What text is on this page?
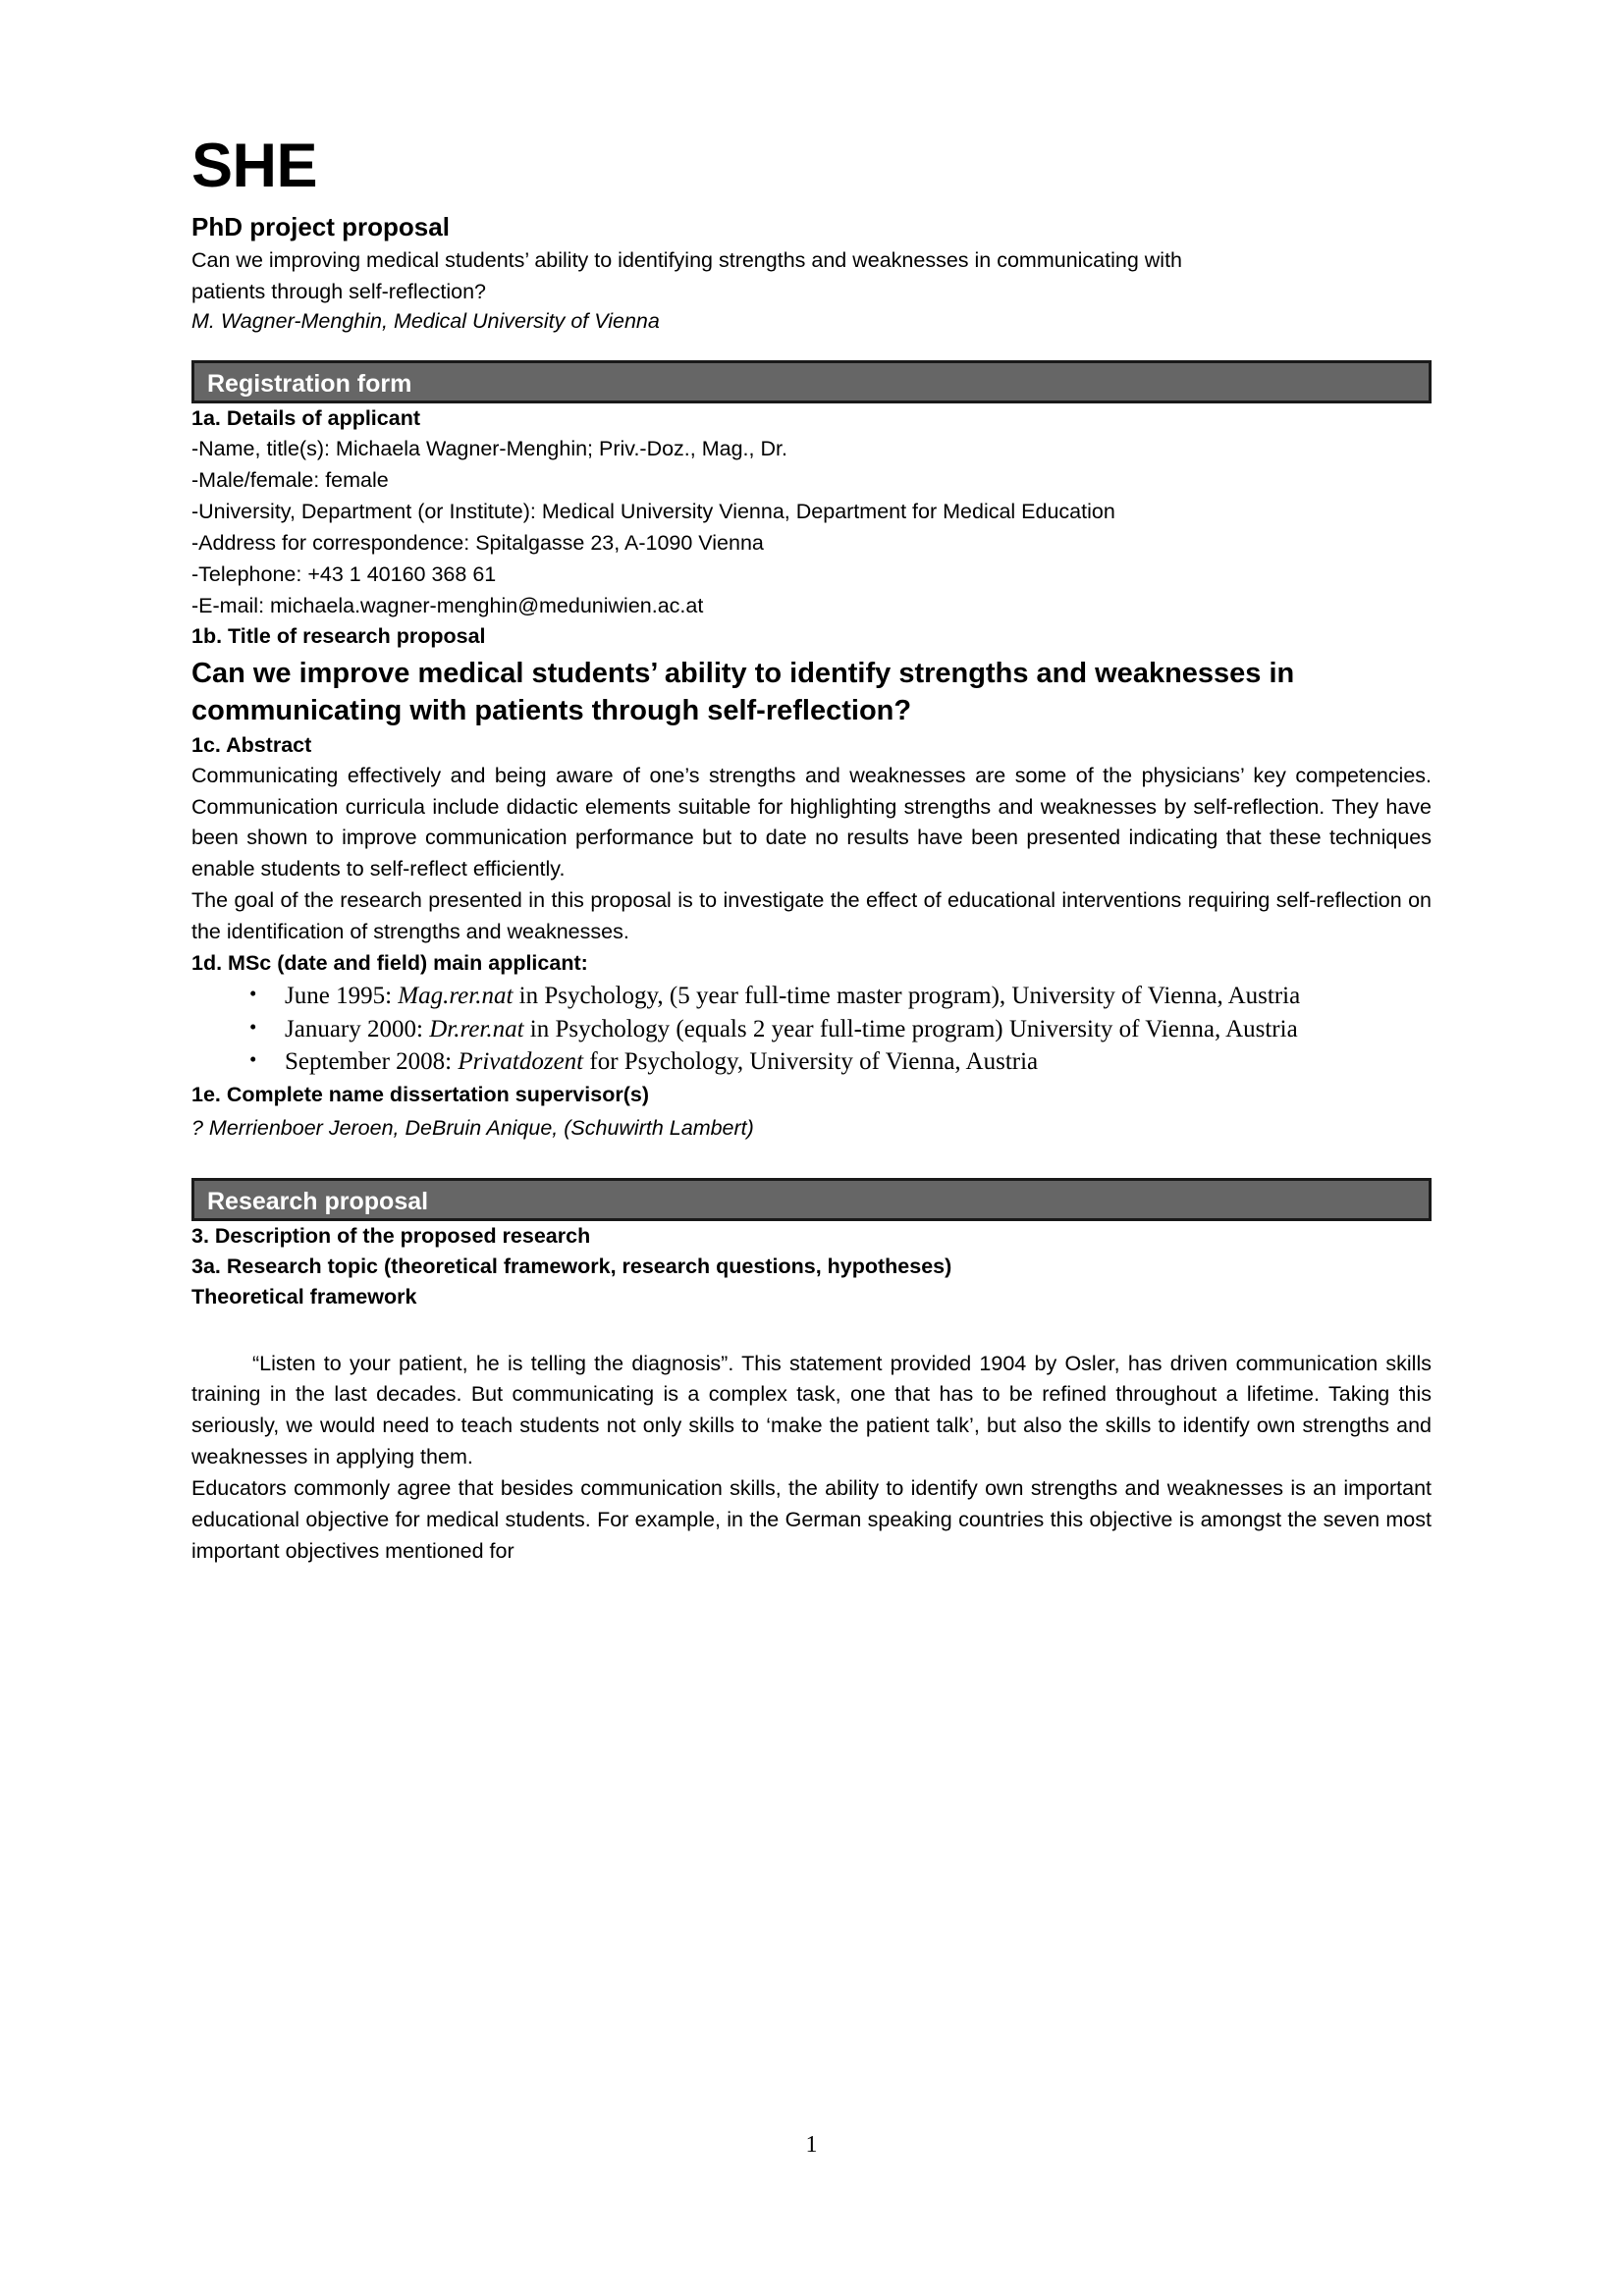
SHE
PhD project proposal
Can we improving medical students’ ability to identifying strengths and weaknesses in communicating with
patients through self-reflection?
M. Wagner-Menghin, Medical University of Vienna
Registration form
1a. Details of applicant

-Name, title(s): Michaela Wagner-Menghin; Priv.-Doz., Mag., Dr.

-Male/female: female

-University, Department (or Institute): Medical University Vienna, Department for Medical Education

-Address for correspondence: Spitalgasse 23, A-1090 Vienna

-Telephone: +43 1 40160 368 61

-E-mail: michaela.wagner-menghin@meduniwien.ac.at

1b. Title of research proposal

Can we improve medical students’ ability to identify strengths and weaknesses in communicating with patients through self-reflection?

1c. Abstract

Communicating effectively and being aware of one’s strengths and weaknesses are some of the physicians’ key competencies. Communication curricula include didactic elements suitable for highlighting strengths and weaknesses by self-reflection. They have been shown to improve communication performance but to date no results have been presented indicating that these techniques enable students to self-reflect efficiently.

The goal of the research presented in this proposal is to investigate the effect of educational interventions requiring self-reflection on the identification of strengths and weaknesses.

1d. MSc (date and field) main applicant:
• June 1995: Mag.rer.nat in Psychology, (5 year full-time master program), University of Vienna, Austria
• January 2000: Dr.rer.nat in Psychology (equals 2 year full-time program) University of Vienna, Austria
• September 2008: Privatdozent for Psychology, University of Vienna, Austria
1e. Complete name dissertation supervisor(s)

? Merrienboer Jeroen, DeBruin Anique, (Schuwirth Lambert)

Research proposal
3. Description of the proposed research
3a. Research topic (theoretical framework, research questions, hypotheses)
Theoretical framework

“Listen to your patient, he is telling the diagnosis”. This statement provided 1904 by Osler, has driven communication skills training in the last decades. But communicating is a complex task, one that has to be refined throughout a lifetime. Taking this seriously, we would need to teach students not only skills to ‘make the patient talk’, but also the skills to identify own strengths and weaknesses in applying them.

Educators commonly agree that besides communication skills, the ability to identify own strengths and weaknesses is an important educational objective for medical students. For example, in the German speaking countries this objective is amongst the seven most important objectives mentioned for

1
